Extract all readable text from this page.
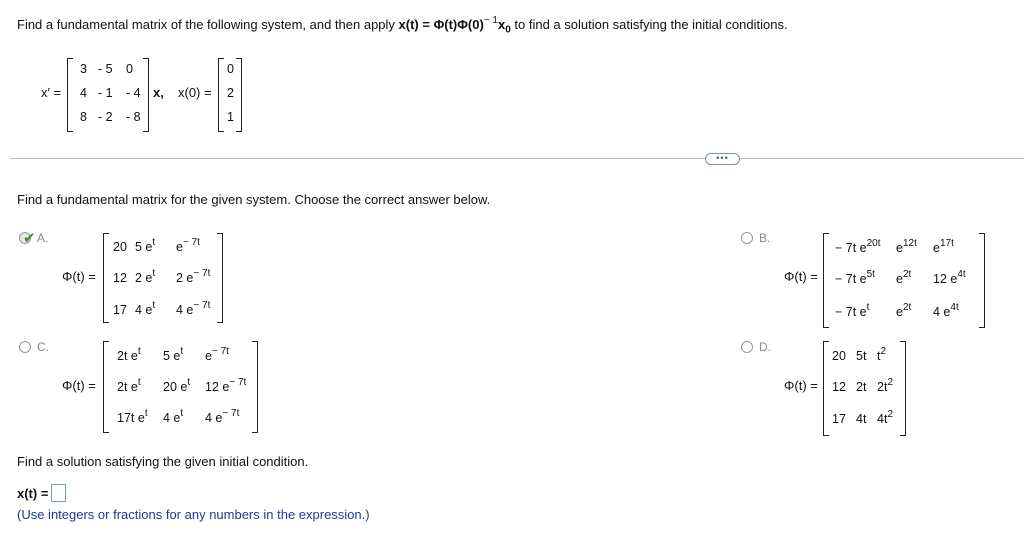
Find a fundamental matrix of the following system, and then apply $x(t) = \Phi(t)\Phi(0)^{- 1}x_0$ to find a solution satisfying the initial conditions.
x′ =
3 - 5 0
4 - 1 - 4
8 - 2 - 8
x, x(0) =
0
2
1
•••
Find a fundamental matrix for the given system. Choose the correct answer below.
✔ A.	B.
C.	D.
Φ(t) =	Φ(t) =
Φ(t) =	Φ(t) =
20 5 $e^t$ $e^{- 7t}$
12 2 $e^t$ 2 $e^{- 7t}$
17 4 $e^t$ 4 $e^{- 7t}$
− 7t $e^{20t}$ $e^{12t}$ $e^{17t}$
− 7t $e^{5t}$ $e^{2t}$ 12 $e^{4t}$
− 7t $e^t$ $e^{2t}$ 4 $e^{4t}$
2t $e^t$ 5 $e^t$ $e^{- 7t}$
2t $e^t$ 20 $e^t$ 12 $e^{- 7t}$
17t $e^t$ 4 $e^t$ 4 $e^{- 7t}$
20 5t $t^2$
12 2t $2t^2$
17 4t $4t^2$
Find a solution satisfying the given initial condition.
x(t) =
(Use integers or fractions for any numbers in the expression.)
